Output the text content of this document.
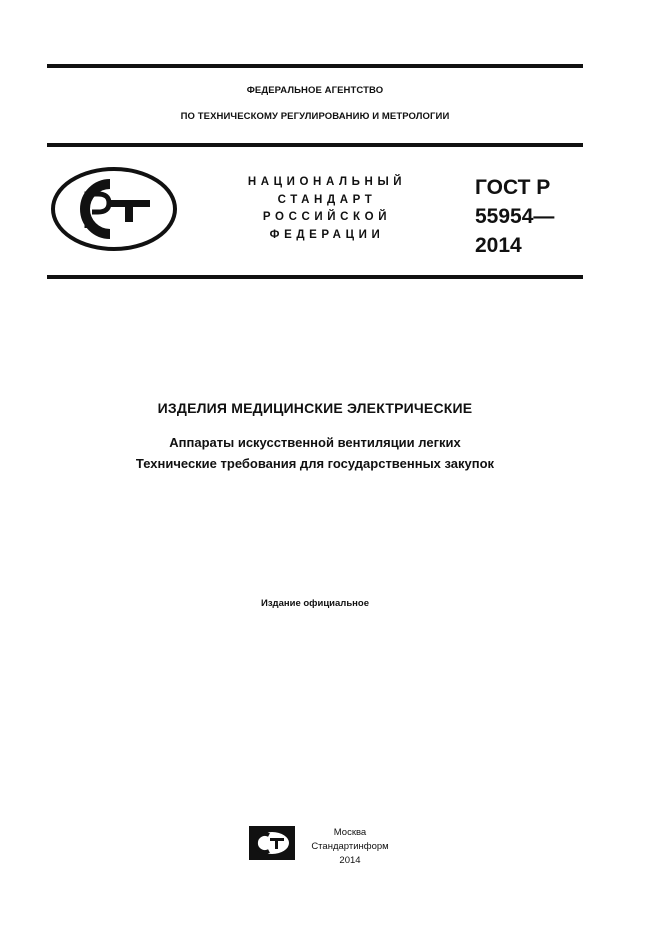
ФЕДЕРАЛЬНОЕ АГЕНТСТВО
ПО ТЕХНИЧЕСКОМУ РЕГУЛИРОВАНИЮ И МЕТРОЛОГИИ
НАЦИОНАЛЬНЫЙ
СТАНДАРТ
РОССИЙСКОЙ
ФЕДЕРАЦИИ
ГОСТ Р
55954—
2014
ИЗДЕЛИЯ МЕДИЦИНСКИЕ ЭЛЕКТРИЧЕСКИЕ
Аппараты искусственной вентиляции легких
Технические требования для государственных закупок
Издание официальное
Москва
Стандартинформ
2014
